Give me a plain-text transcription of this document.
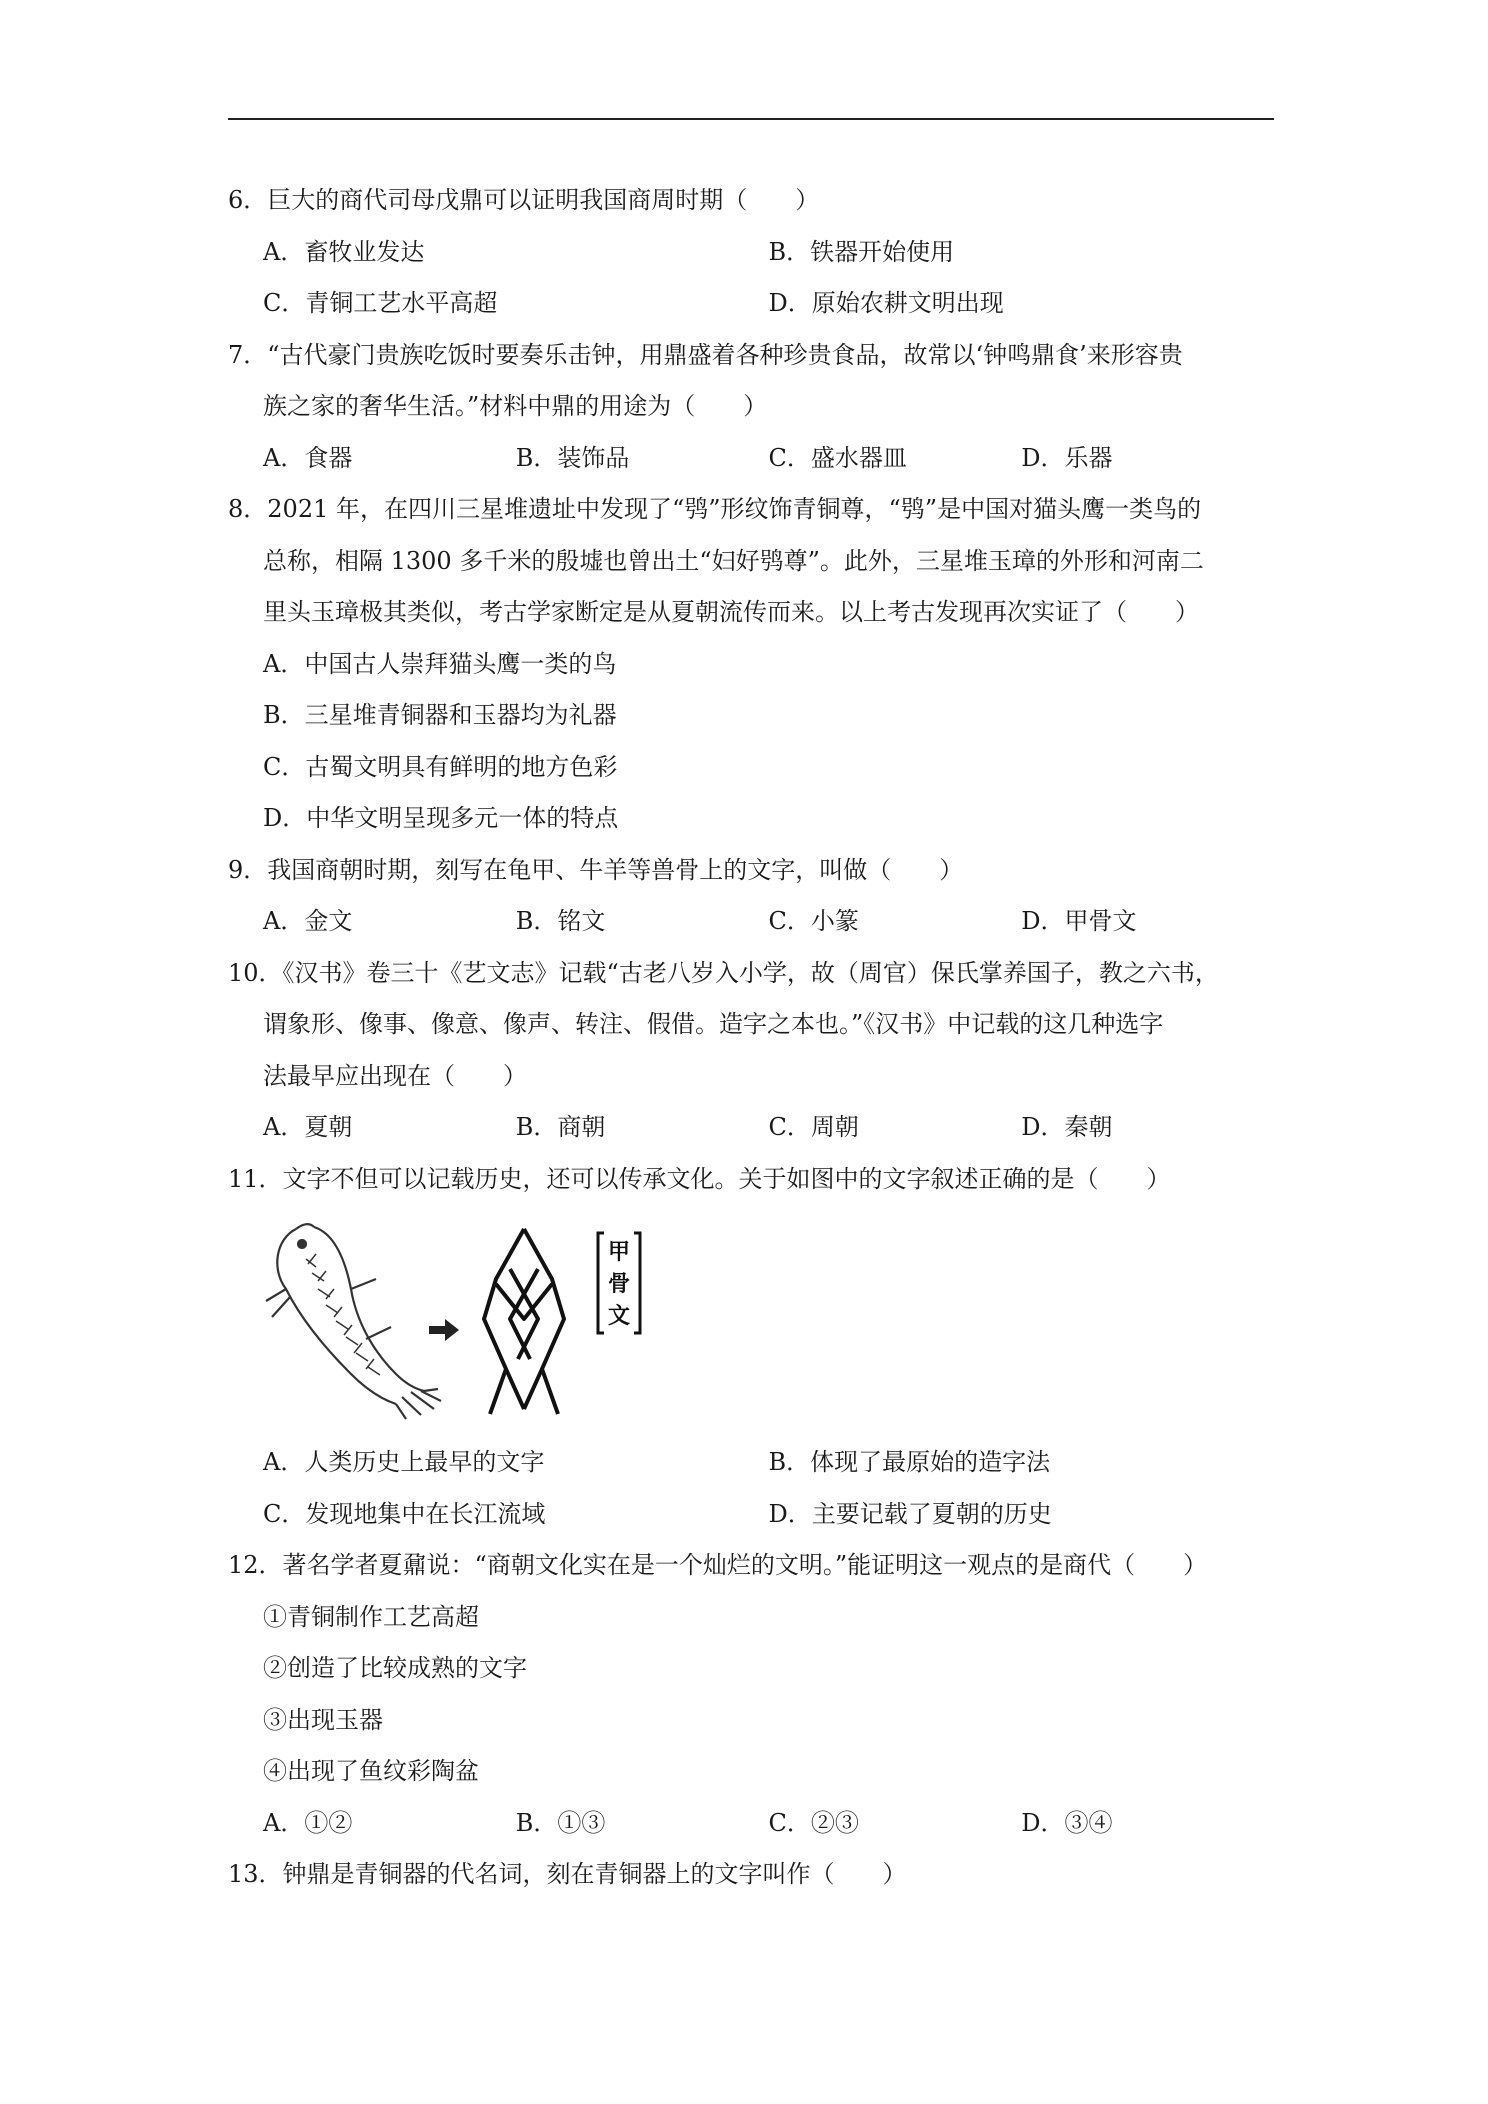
6．巨大的商代司母戊鼎可以证明我国商周时期（　　）
A．畜牧业发达	B．铁器开始使用
C．青铜工艺水平高超	D．原始农耕文明出现
7．“古代豪门贵族吃饭时要奏乐击钟，用鼎盛着各种珍贵食品，故常以‘钟鸣鼎食’来形容贵
族之家的奢华生活。”材料中鼎的用途为（　　）
A．食器	B．装饰品	C．盛水器皿	D．乐器
8．2021 年，在四川三星堆遗址中发现了“鸮”形纹饰青铜尊，“鸮”是中国对猫头鹰一类鸟的
总称，相隔 1300 多千米的殷墟也曾出土“妇好鸮尊”。此外，三星堆玉璋的外形和河南二
里头玉璋极其类似，考古学家断定是从夏朝流传而来。以上考古发现再次实证了（　　）
A．中国古人崇拜猫头鹰一类的鸟
B．三星堆青铜器和玉器均为礼器
C．古蜀文明具有鲜明的地方色彩
D．中华文明呈现多元一体的特点
9．我国商朝时期，刻写在龟甲、牛羊等兽骨上的文字，叫做（　　）
A．金文	B．铭文	C．小篆	D．甲骨文
10．《汉书》卷三十《艺文志》记载“古老八岁入小学，故（周官）保氏掌养国子，教之六书，
谓象形、像事、像意、像声、转注、假借。造字之本也。”《汉书》中记载的这几种选字
法最早应出现在（　　）
A．夏朝	B．商朝	C．周朝	D．秦朝
11．文字不但可以记载历史，还可以传承文化。关于如图中的文字叙述正确的是（　　）
甲
骨
文
A．人类历史上最早的文字	B．体现了最原始的造字法
C．发现地集中在长江流域	D．主要记载了夏朝的历史
12．著名学者夏鼐说：“商朝文化实在是一个灿烂的文明。”能证明这一观点的是商代（　　）
①青铜制作工艺高超
②创造了比较成熟的文字
③出现玉器
④出现了鱼纹彩陶盆
A．①②	B．①③	C．②③	D．③④
13．钟鼎是青铜器的代名词，刻在青铜器上的文字叫作（　　）
